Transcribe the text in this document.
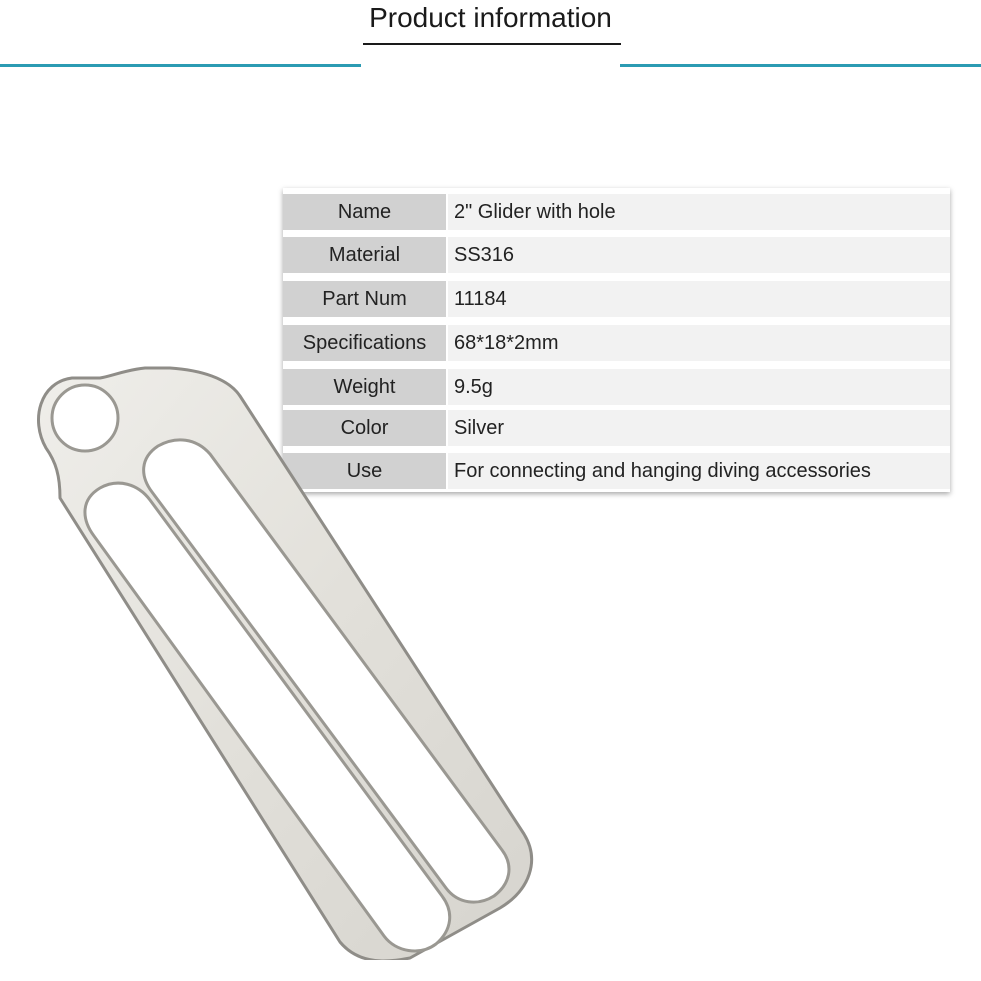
Product information
Name	2" Glider with hole
Material	SS316
Part Num	11184
Specifications	68*18*2mm
Weight	9.5g
Color	Silver
Use	For connecting and hanging diving accessories
